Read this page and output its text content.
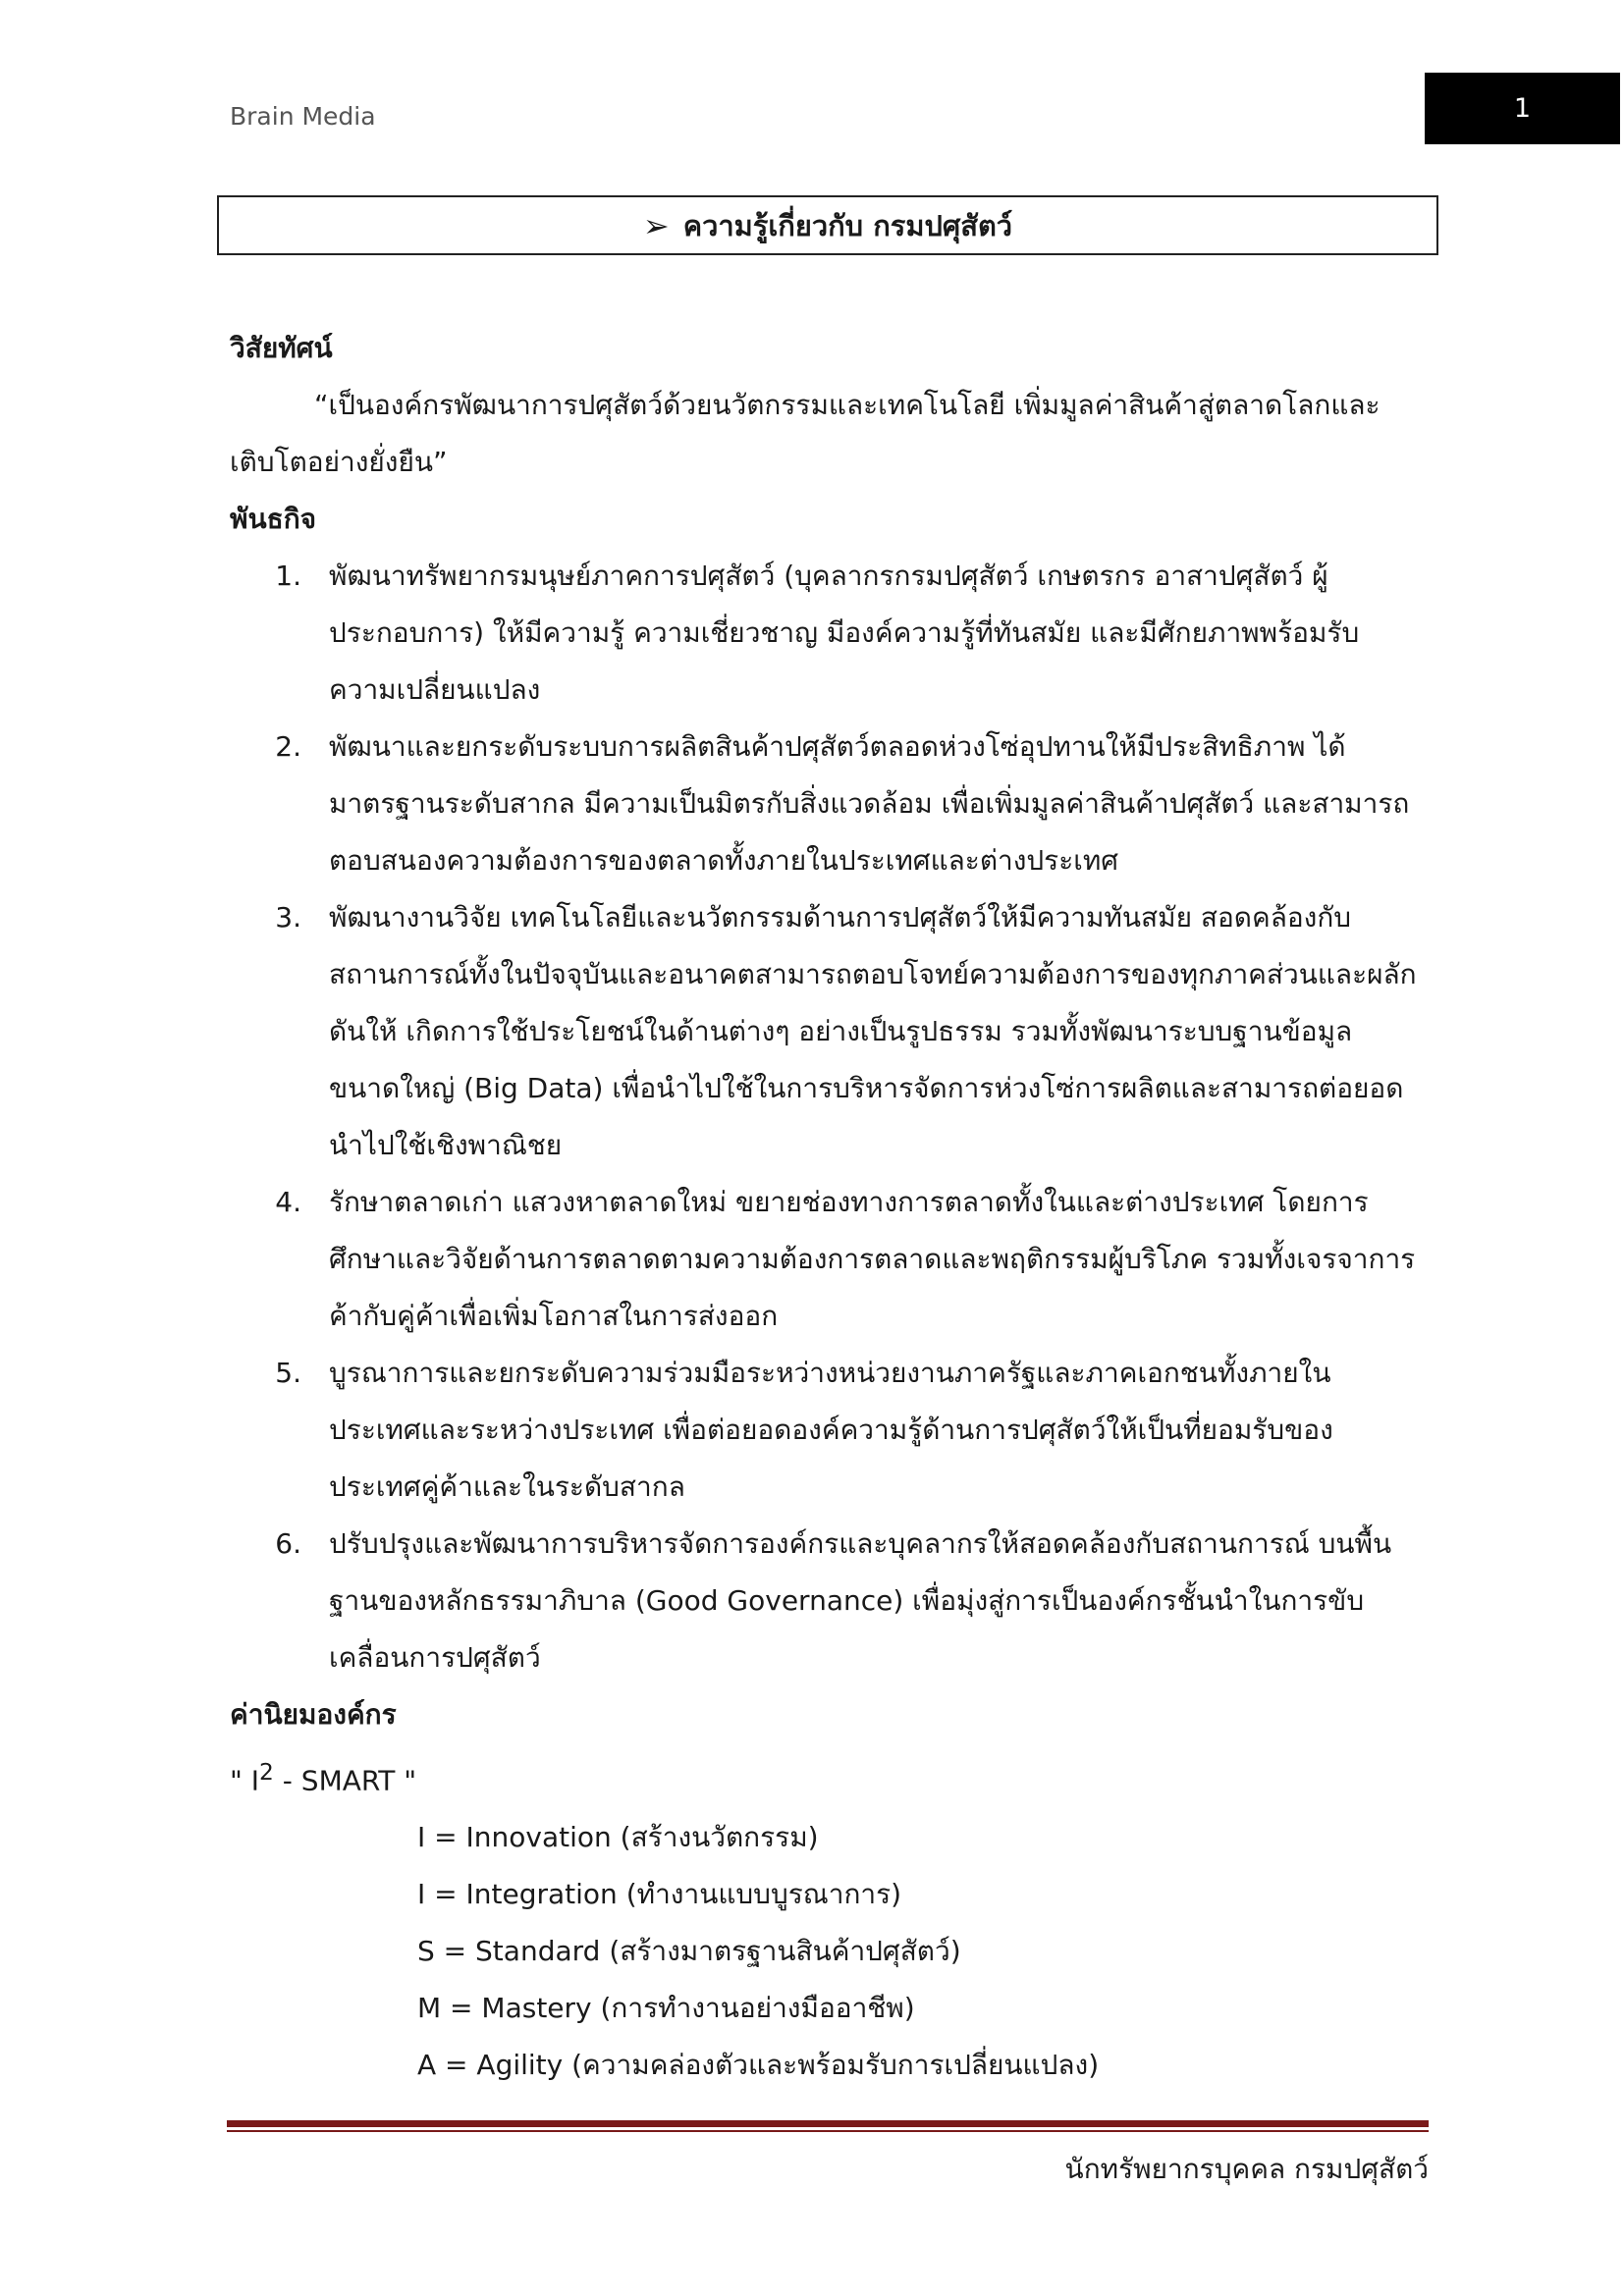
Brain Media	1
➢ ความรู้เกี่ยวกับ กรมปศุสัตว์
วิสัยทัศน์
“เป็นองค์กรพัฒนาการปศุสัตว์ด้วยนวัตกรรมและเทคโนโลยี เพิ่มมูลค่าสินค้าสู่ตลาดโลกและเติบโตอย่างยั่งยืน”
พันธกิจ
1.	พัฒนาทรัพยากรมนุษย์ภาคการปศุสัตว์ (บุคลากรกรมปศุสัตว์ เกษตรกร อาสาปศุสัตว์ ผู้ประกอบการ) ให้มีความรู้ ความเชี่ยวชาญ มีองค์ความรู้ที่ทันสมัย และมีศักยภาพพร้อมรับความเปลี่ยนแปลง
2.	พัฒนาและยกระดับระบบการผลิตสินค้าปศุสัตว์ตลอดห่วงโซ่อุปทานให้มีประสิทธิภาพ ได้มาตรฐานระดับสากล มีความเป็นมิตรกับสิ่งแวดล้อม เพื่อเพิ่มมูลค่าสินค้าปศุสัตว์ และสามารถตอบสนองความต้องการของตลาดทั้งภายในประเทศและต่างประเทศ
3.	พัฒนางานวิจัย เทคโนโลยีและนวัตกรรมด้านการปศุสัตว์ให้มีความทันสมัย สอดคล้องกับสถานการณ์ทั้งในปัจจุบันและอนาคตสามารถตอบโจทย์ความต้องการของทุกภาคส่วนและผลักดันให้ เกิดการใช้ประโยชน์ในด้านต่างๆ อย่างเป็นรูปธรรม รวมทั้งพัฒนาระบบฐานข้อมูลขนาดใหญ่ (Big Data) เพื่อนำไปใช้ในการบริหารจัดการห่วงโซ่การผลิตและสามารถต่อยอดนำไปใช้เชิงพาณิชย
4.	รักษาตลาดเก่า แสวงหาตลาดใหม่ ขยายช่องทางการตลาดทั้งในและต่างประเทศ โดยการศึกษาและวิจัยด้านการตลาดตามความต้องการตลาดและพฤติกรรมผู้บริโภค รวมทั้งเจรจาการค้ากับคู่ค้าเพื่อเพิ่มโอกาสในการส่งออก
5.	บูรณาการและยกระดับความร่วมมือระหว่างหน่วยงานภาครัฐและภาคเอกชนทั้งภายในประเทศและระหว่างประเทศ เพื่อต่อยอดองค์ความรู้ด้านการปศุสัตว์ให้เป็นที่ยอมรับของประเทศคู่ค้าและในระดับสากล
6.	ปรับปรุงและพัฒนาการบริหารจัดการองค์กรและบุคลากรให้สอดคล้องกับสถานการณ์ บนพื้นฐานของหลักธรรมาภิบาล (Good Governance) เพื่อมุ่งสู่การเป็นองค์กรชั้นนำในการขับเคลื่อนการปศุสัตว์
ค่านิยมองค์กร
" $I^2$ - SMART "
I = Innovation (สร้างนวัตกรรม)
I = Integration (ทำงานแบบบูรณาการ)
S = Standard (สร้างมาตรฐานสินค้าปศุสัตว์)
M = Mastery (การทำงานอย่างมืออาชีพ)
A = Agility (ความคล่องตัวและพร้อมรับการเปลี่ยนแปลง)
นักทรัพยากรบุคคล กรมปศุสัตว์
